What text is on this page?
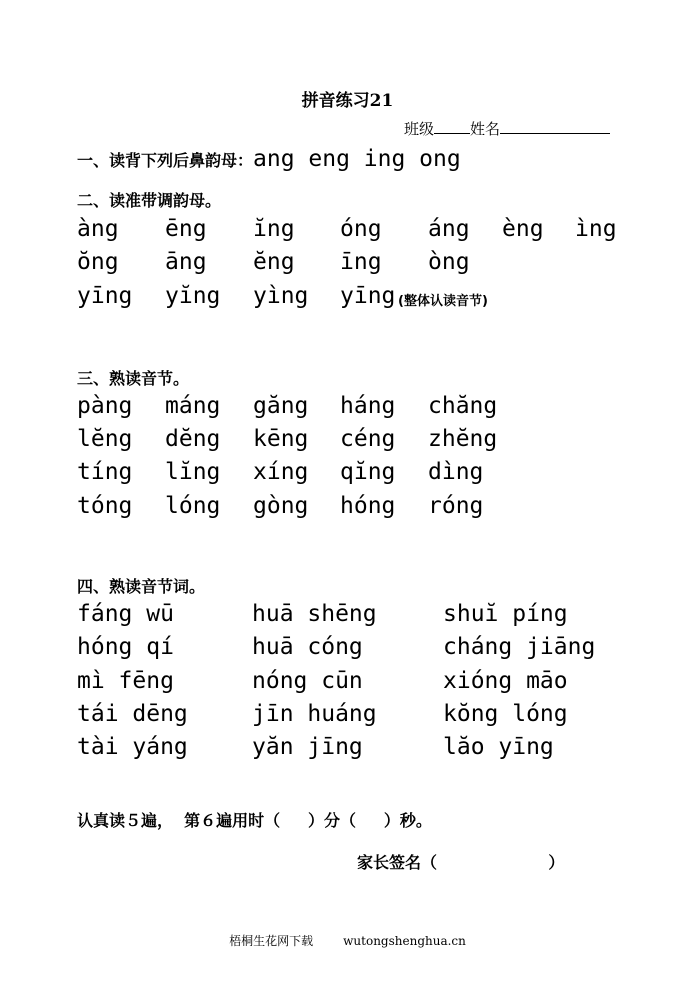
拼音练习21
班级 姓名
一、读背下列后鼻韵母：ang eng ing ong
二、读准带调韵母。
àng ēng ĭng óng áng èng ìng
ŏng āng ĕng īng òng
yīng yĭng yìng yīng (整体认读音节)
三、熟读音节。
pàng máng găng háng chăng
lĕng dĕng kēng céng zhĕng
tíng lĭng xíng qĭng dìng
tóng lóng gòng hóng róng
四、熟读音节词。
fáng wū	huā shēng	shuĭ píng
hóng qí	huā cóng	cháng jiāng
mì fēng	nóng cūn	xióng māo
tái dēng	jīn huáng	kŏng lóng
tài yáng	yăn jīng	lăo yīng
认真读５遍，  第６遍用时（     ）分（     ）秒。
家长签名（                    ）
梧桐生花网下载	wutongshenghua.cn
